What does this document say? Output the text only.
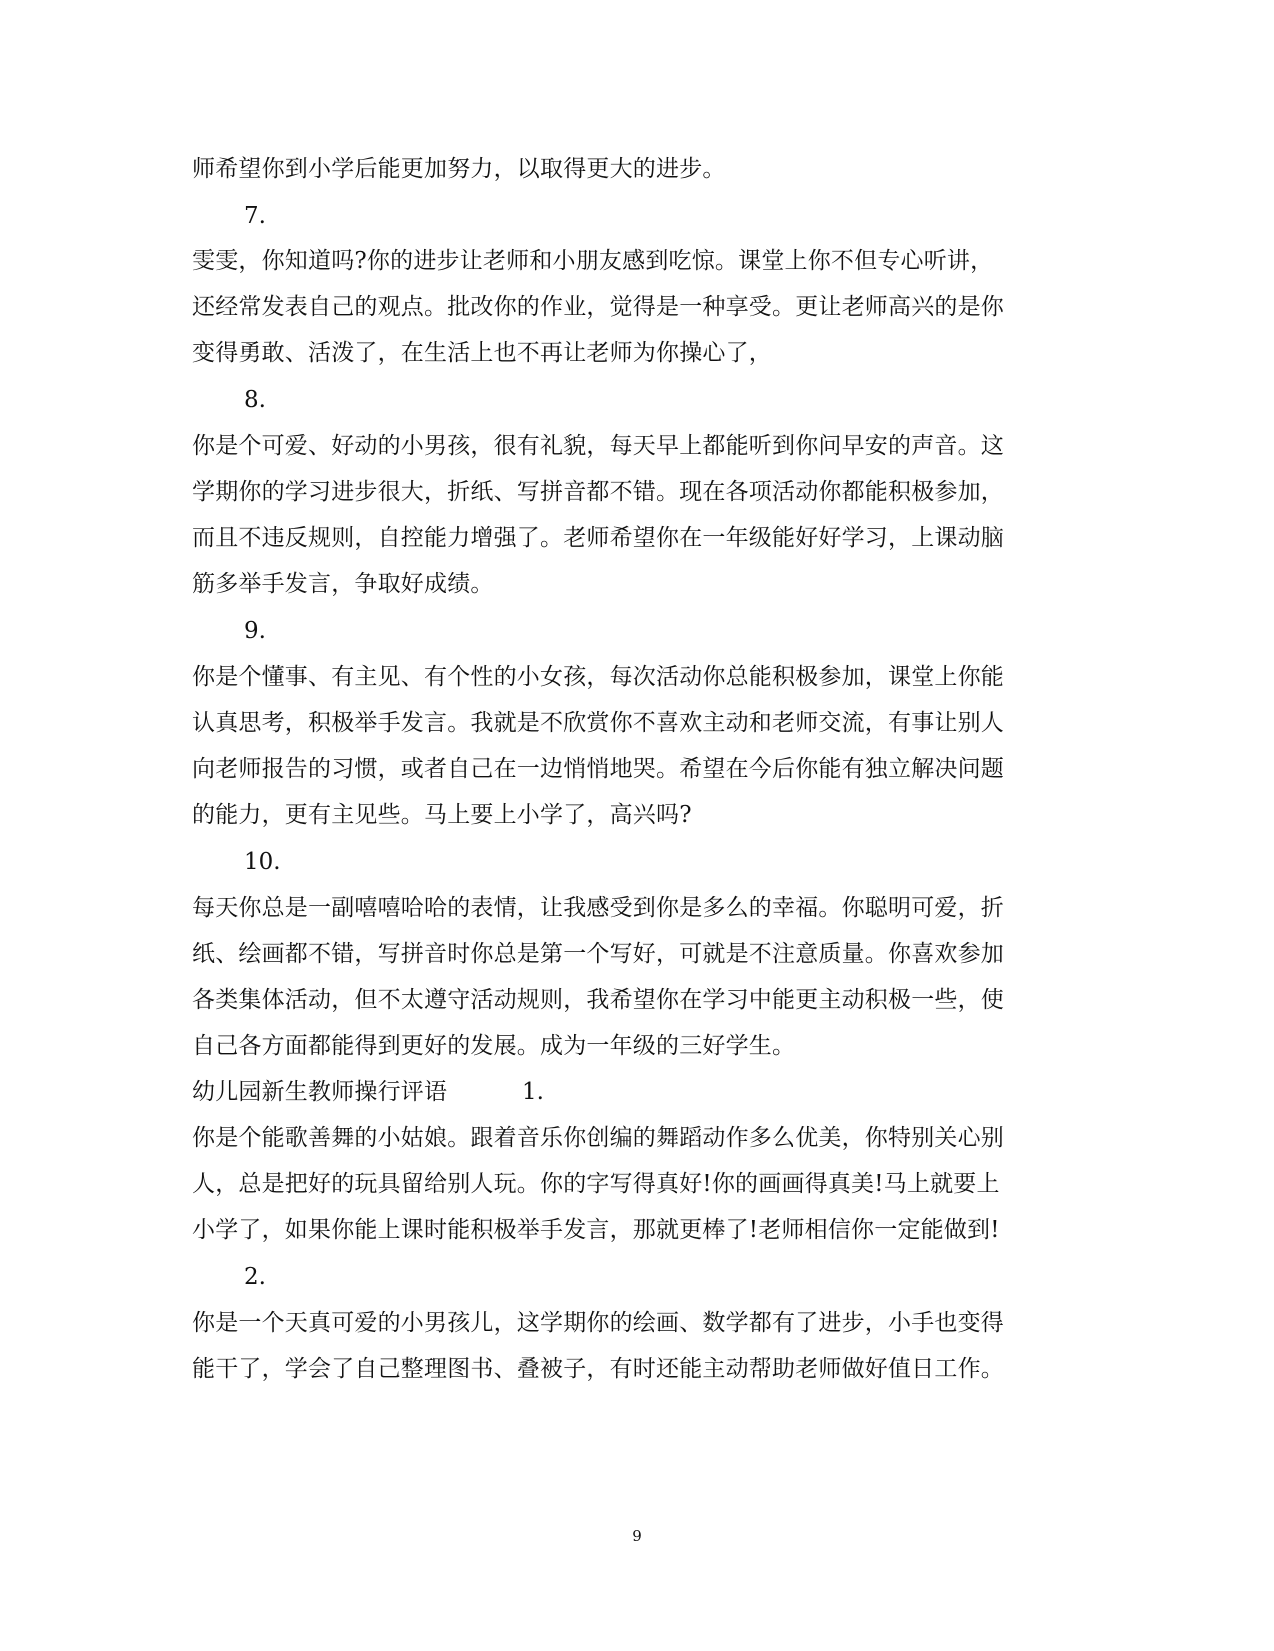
师希望你到小学后能更加努力，以取得更大的进步。
7.
雯雯，你知道吗?你的进步让老师和小朋友感到吃惊。课堂上你不但专心听讲，
还经常发表自己的观点。批改你的作业，觉得是一种享受。更让老师高兴的是你
变得勇敢、活泼了，在生活上也不再让老师为你操心了，
8.
你是个可爱、好动的小男孩，很有礼貌，每天早上都能听到你问早安的声音。这
学期你的学习进步很大，折纸、写拼音都不错。现在各项活动你都能积极参加，
而且不违反规则，自控能力增强了。老师希望你在一年级能好好学习，上课动脑
筋多举手发言，争取好成绩。
9.
你是个懂事、有主见、有个性的小女孩，每次活动你总能积极参加，课堂上你能
认真思考，积极举手发言。我就是不欣赏你不喜欢主动和老师交流，有事让别人
向老师报告的习惯，或者自己在一边悄悄地哭。希望在今后你能有独立解决问题
的能力，更有主见些。马上要上小学了，高兴吗?
10.
每天你总是一副嘻嘻哈哈的表情，让我感受到你是多么的幸福。你聪明可爱，折
纸、绘画都不错，写拼音时你总是第一个写好，可就是不注意质量。你喜欢参加
各类集体活动，但不太遵守活动规则，我希望你在学习中能更主动积极一些，使
自己各方面都能得到更好的发展。成为一年级的三好学生。
幼儿园新生教师操行评语	1.
你是个能歌善舞的小姑娘。跟着音乐你创编的舞蹈动作多么优美，你特别关心别
人，总是把好的玩具留给别人玩。你的字写得真好!你的画画得真美!马上就要上
小学了，如果你能上课时能积极举手发言，那就更棒了!老师相信你一定能做到!
2.
你是一个天真可爱的小男孩儿，这学期你的绘画、数学都有了进步，小手也变得
能干了，学会了自己整理图书、叠被子，有时还能主动帮助老师做好值日工作。
9
